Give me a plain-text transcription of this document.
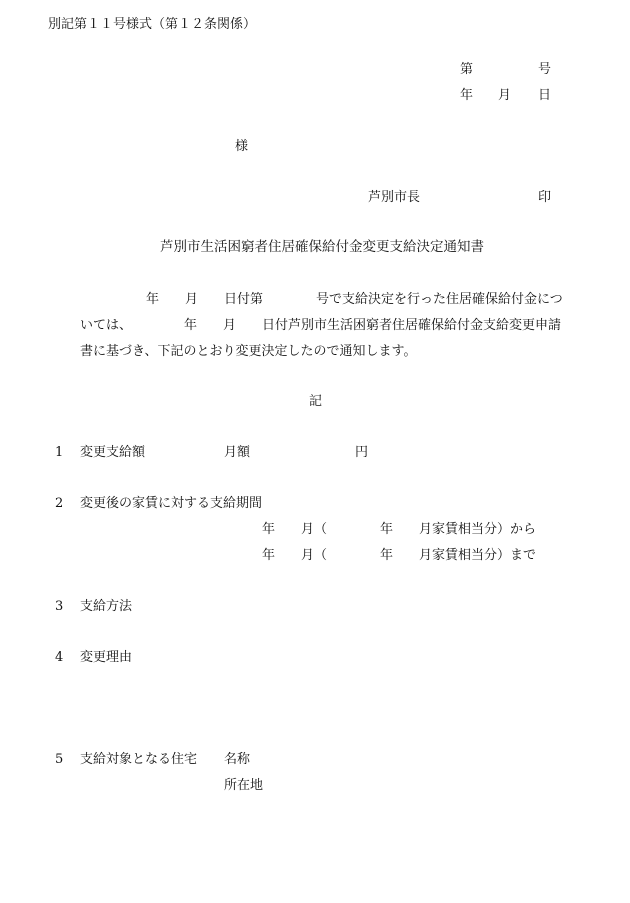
別記第１１号様式（第１２条関係）
第	号
年 月 日
様
芦別市長	印
芦別市生活困窮者住居確保給付金変更支給決定通知書
年 月 日付第	号で支給決定を行った住居確保給付金につ
いては、	年 月 日付芦別市生活困窮者住居確保給付金支給変更申請
書に基づき、下記のとおり変更決定したので通知します。
記
1 変更支給額	月額	円
2 変更後の家賃に対する支給期間
年 月（	年 月家賃相当分）から
年 月（	年 月家賃相当分）まで
3 支給方法
4 変更理由
5 支給対象となる住宅 名称
所在地
